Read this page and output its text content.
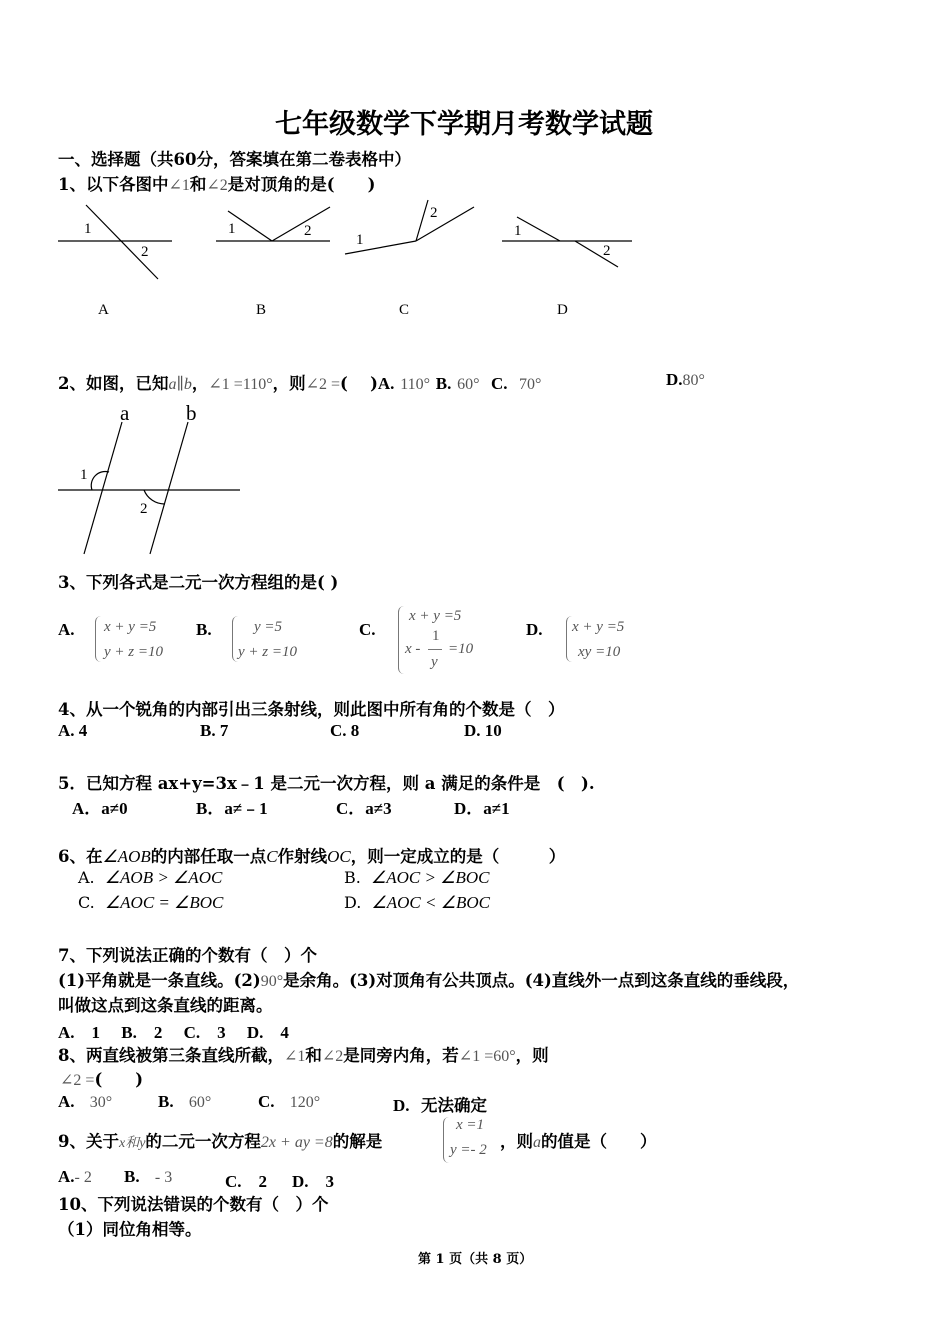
七年级数学下学期月考数学试题
一、选择题（共60分，答案填在第二卷表格中）
1、以下各图中∠1和∠2是对顶角的是(　　)
1
2
1	2
1
2
1
2
A	B	C	D
2、如图，已知a∥b，∠1 =110°，则∠2 =(　 )A. 110° B. 60° C. 70°	D.80°
a	b
1
2
3、下列各式是二元一次方程组的是( )
A. x + y =5
y + z =10
B.	y =5
y + z =10
C.
x + y =5
x -
1
y
=10
D. x + y =5
xy =10
4、从一个锐角的内部引出三条射线，则此图中所有角的个数是（　）
A. 4	B. 7	C. 8	D. 10
5．已知方程 ax+y=3x﹣1 是二元一次方程，则 a 满足的条件是　(　).
A．a≠0	B．a≠﹣1	C．a≠3	D．a≠1
6、在∠AOB的内部任取一点C作射线OC，则一定成立的是（　　　）
A. ∠AOB > ∠AOC	B. ∠AOC > ∠BOC
C. ∠AOC = ∠BOC	D. ∠AOC < ∠BOC
7、下列说法正确的个数有（　）个
(1)平角就是一条直线。(2)90°是余角。(3)对顶角有公共顶点。(4)直线外一点到这条直线的垂线段，
叫做这点到这条直线的距离。
A.　1　 B.　2　 C.　3　 D.　4
8、两直线被第三条直线所截，∠1和∠2是同旁内角，若∠1 =60°，则
∠2 =(　　)
A. 30°	B. 60°	C. 120°	D. 无法确定
9、关于x和y的二元一次方程2x + ay =8的解是
x =1
y =- 2 ，则a的值是（　　）
A.- 2 B. - 3	C.　2 D.　3
10、下列说法错误的个数有（　）个
（1）同位角相等。
第 1 页（共 8 页）
